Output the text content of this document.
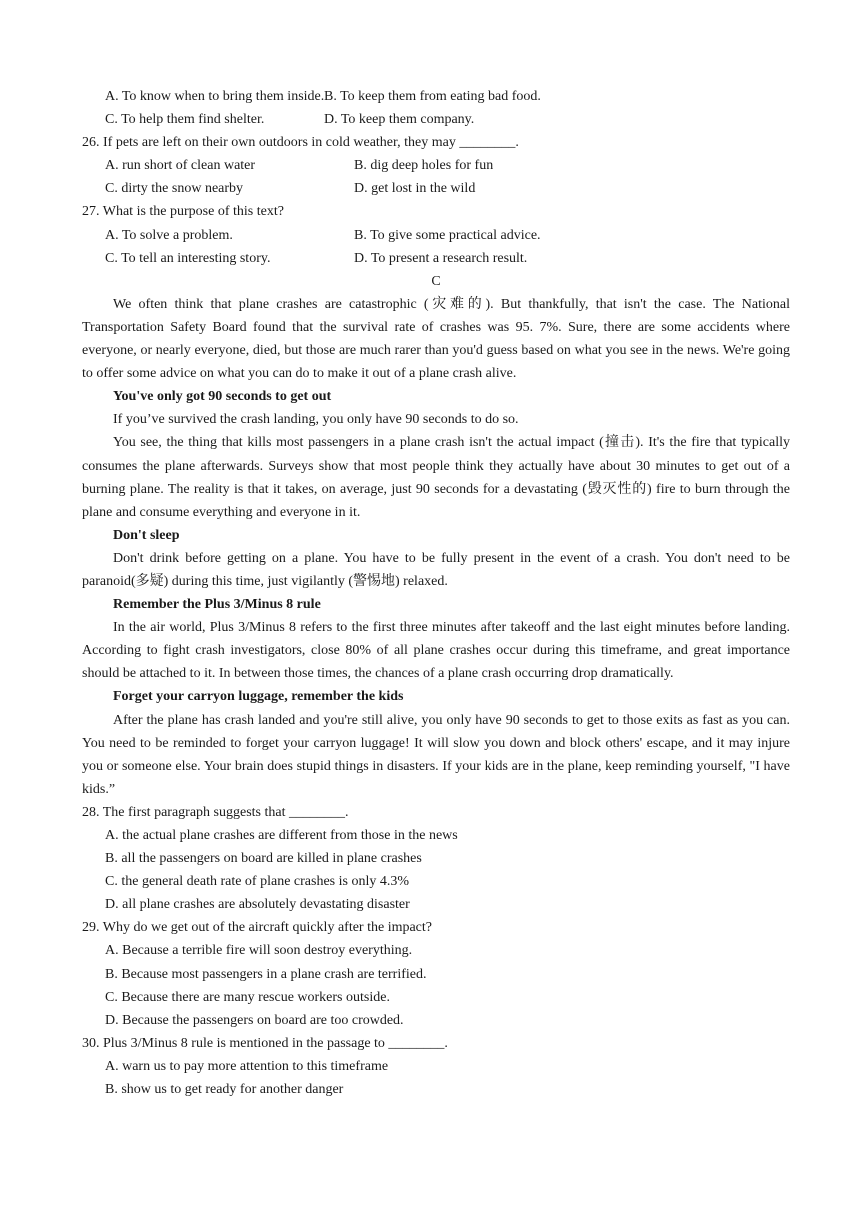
A. To know when to bring them inside.B. To keep them from eating bad food.
C. To help them find shelter.	D. To keep them company.
26. If pets are left on their own outdoors in cold weather, they may ________.
A. run short of clean water	B. dig deep holes for fun
C. dirty the snow nearby	D. get lost in the wild
27. What is the purpose of this text?
A. To solve a problem.	B. To give some practical advice.
C. To tell an interesting story.	D. To present a research result.
C
We often think that plane crashes are catastrophic (灾难的). But thankfully, that isn't the case. The National Transportation Safety Board found that the survival rate of crashes was 95. 7%. Sure, there are some accidents where everyone, or nearly everyone, died, but those are much rarer than you'd guess based on what you see in the news. We're going to offer some advice on what you can do to make it out of a plane crash alive.
You've only got 90 seconds to get out
If you’ve survived the crash landing, you only have 90 seconds to do so.
You see, the thing that kills most passengers in a plane crash isn't the actual impact (撞击). It's the fire that typically consumes the plane afterwards. Surveys show that most people think they actually have about 30 minutes to get out of a burning plane. The reality is that it takes, on average, just 90 seconds for a devastating (毁灭性的) fire to burn through the plane and consume everything and everyone in it.
Don't sleep
Don't drink before getting on a plane. You have to be fully present in the event of a crash. You don't need to be paranoid(多疑) during this time, just vigilantly (警惕地) relaxed.
Remember the Plus 3/Minus 8 rule
In the air world, Plus 3/Minus 8 refers to the first three minutes after takeoff and the last eight minutes before landing. According to fight crash investigators, close 80% of all plane crashes occur during this timeframe, and great importance should be attached to it. In between those times, the chances of a plane crash occurring drop dramatically.
Forget your carryon luggage, remember the kids
After the plane has crash landed and you're still alive, you only have 90 seconds to get to those exits as fast as you can. You need to be reminded to forget your carryon luggage! It will slow you down and block others' escape, and it may injure you or someone else. Your brain does stupid things in disasters. If your kids are in the plane, keep reminding yourself, "I have kids.”
28. The first paragraph suggests that ________.
A. the actual plane crashes are different from those in the news
B. all the passengers on board are killed in plane crashes
C. the general death rate of plane crashes is only 4.3%
D. all plane crashes are absolutely devastating disaster
29. Why do we get out of the aircraft quickly after the impact?
A. Because a terrible fire will soon destroy everything.
B. Because most passengers in a plane crash are terrified.
C. Because there are many rescue workers outside.
D. Because the passengers on board are too crowded.
30. Plus 3/Minus 8 rule is mentioned in the passage to ________.
A. warn us to pay more attention to this timeframe
B. show us to get ready for another danger
